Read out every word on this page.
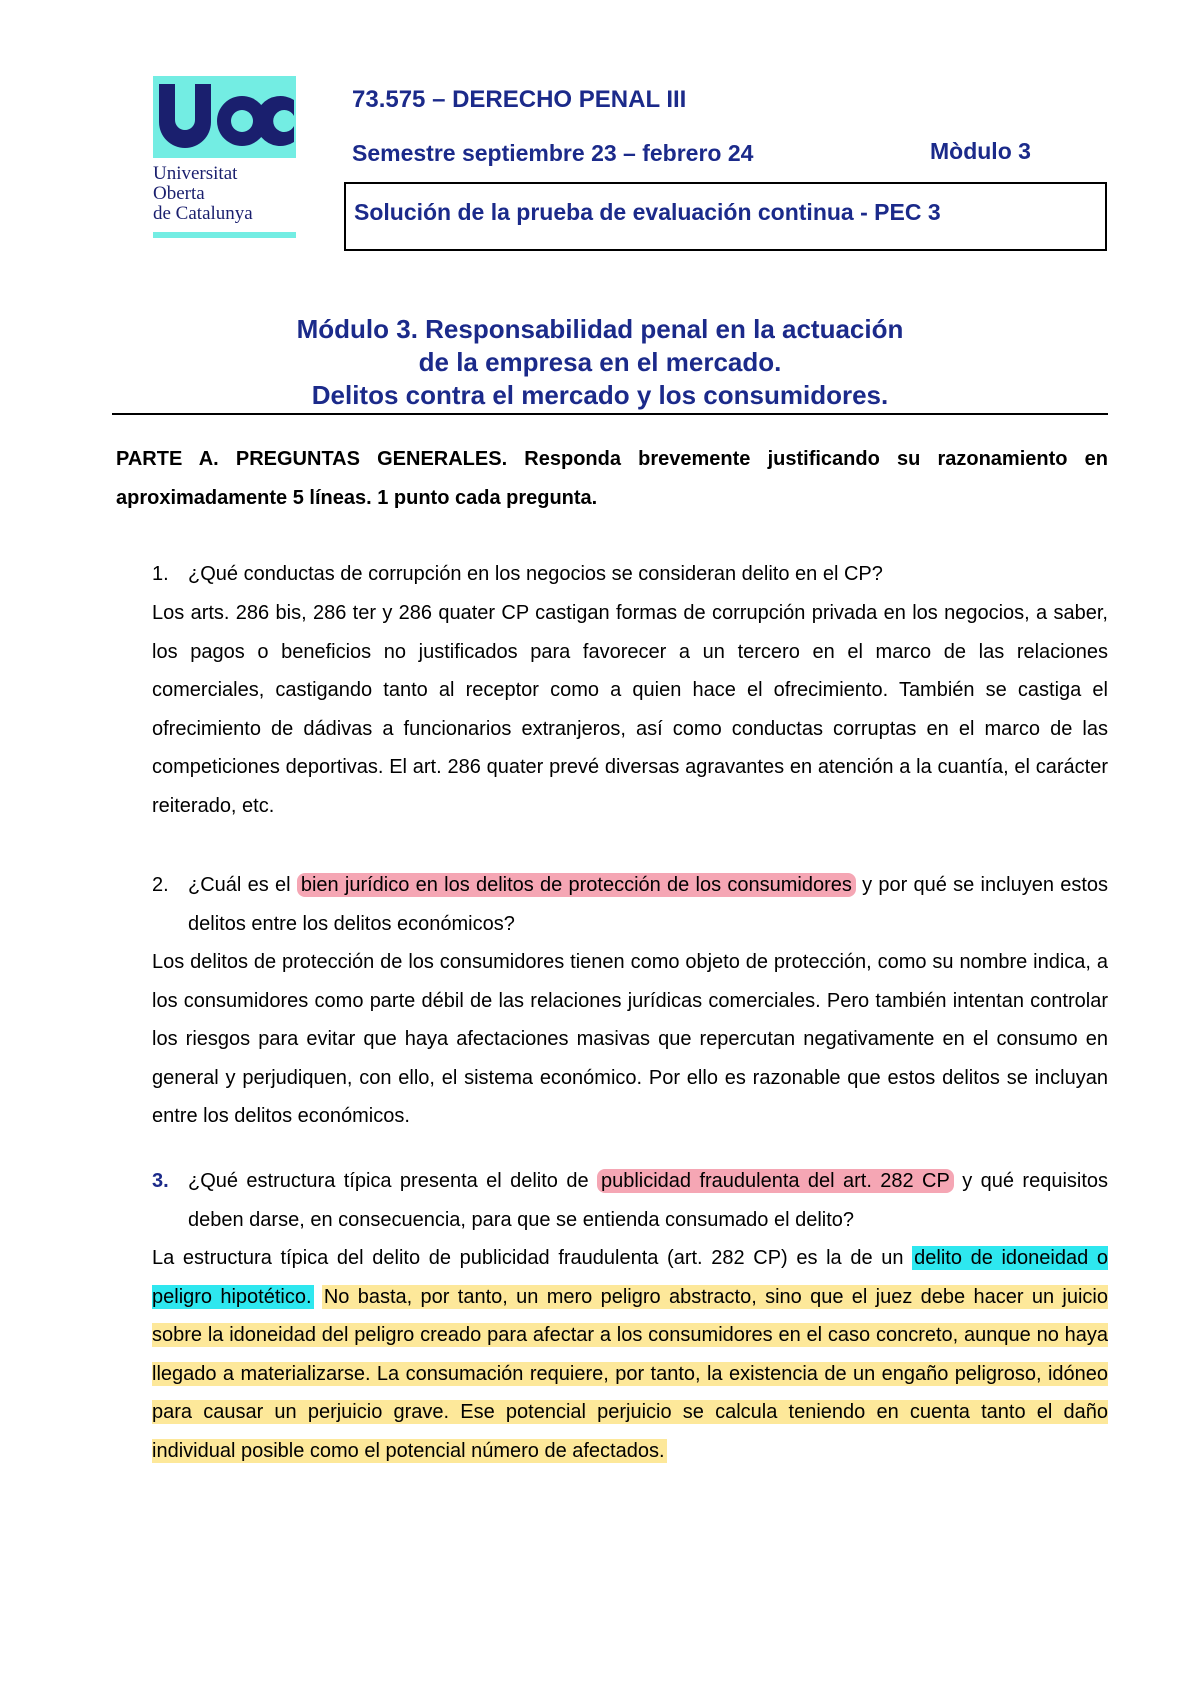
Universitat
Oberta
de Catalunya
73.575 – DERECHO PENAL III
Semestre septiembre 23 – febrero 24	Mòdulo 3
Solución de la prueba de evaluación continua - PEC 3
Módulo 3. Responsabilidad penal en la actuación
de la empresa en el mercado.
Delitos contra el mercado y los consumidores.
PARTE A. PREGUNTAS GENERALES. Responda brevemente justificando su razonamiento en aproximadamente 5 líneas. 1 punto cada pregunta.
1. ¿Qué conductas de corrupción en los negocios se consideran delito en el CP?
Los arts. 286 bis, 286 ter y 286 quater CP castigan formas de corrupción privada en los negocios, a saber, los pagos o beneficios no justificados para favorecer a un tercero en el marco de las relaciones comerciales, castigando tanto al receptor como a quien hace el ofrecimiento. También se castiga el ofrecimiento de dádivas a funcionarios extranjeros, así como conductas corruptas en el marco de las competiciones deportivas. El art. 286 quater prevé diversas agravantes en atención a la cuantía, el carácter reiterado, etc.
2. ¿Cuál es el bien jurídico en los delitos de protección de los consumidores y por qué se incluyen estos delitos entre los delitos económicos?
Los delitos de protección de los consumidores tienen como objeto de protección, como su nombre indica, a los consumidores como parte débil de las relaciones jurídicas comerciales. Pero también intentan controlar los riesgos para evitar que haya afectaciones masivas que repercutan negativamente en el consumo en general y perjudiquen, con ello, el sistema económico. Por ello es razonable que estos delitos se incluyan entre los delitos económicos.
3. ¿Qué estructura típica presenta el delito de publicidad fraudulenta del art. 282 CP y qué requisitos deben darse, en consecuencia, para que se entienda consumado el delito?
La estructura típica del delito de publicidad fraudulenta (art. 282 CP) es la de un delito de idoneidad o peligro hipotético. No basta, por tanto, un mero peligro abstracto, sino que el juez debe hacer un juicio sobre la idoneidad del peligro creado para afectar a los consumidores en el caso concreto, aunque no haya llegado a materializarse. La consumación requiere, por tanto, la existencia de un engaño peligroso, idóneo para causar un perjuicio grave. Ese potencial perjuicio se calcula teniendo en cuenta tanto el daño individual posible como el potencial número de afectados.
